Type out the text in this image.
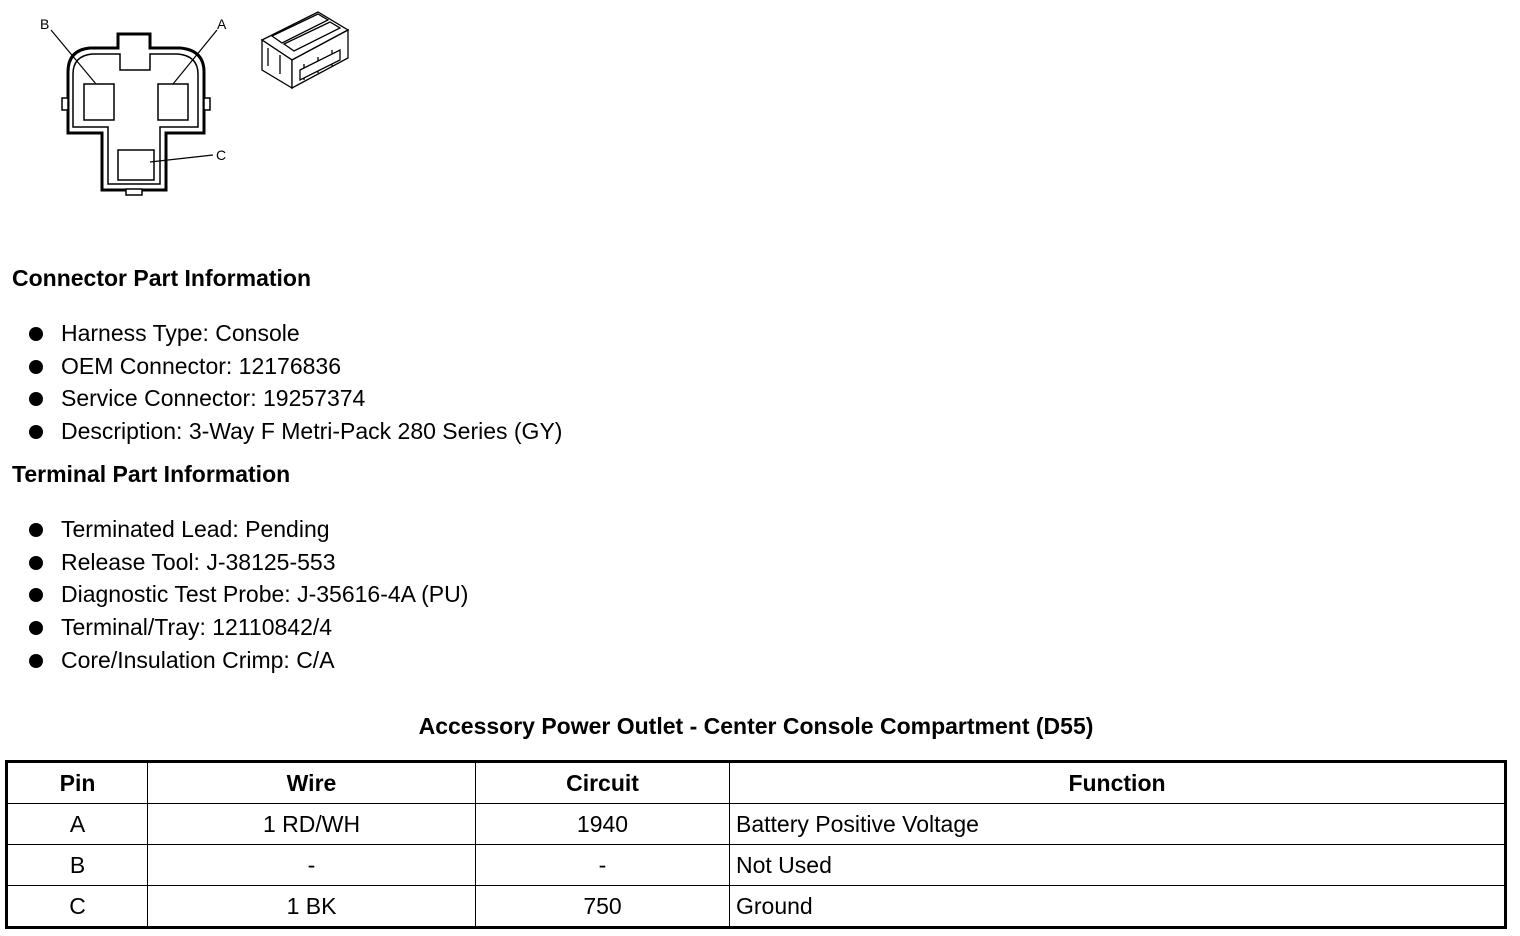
B	A
C
Connector Part Information
Harness Type: Console
OEM Connector: 12176836
Service Connector: 19257374
Description: 3-Way F Metri-Pack 280 Series (GY)
Terminal Part Information
Terminated Lead: Pending
Release Tool: J-38125-553
Diagnostic Test Probe: J-35616-4A (PU)
Terminal/Tray: 12110842/4
Core/Insulation Crimp: C/A
Accessory Power Outlet - Center Console Compartment (D55)
Pin	Wire	Circuit	Function
A	1 RD/WH	1940	Battery Positive Voltage
B	-	-	Not Used
C	1 BK	750	Ground
